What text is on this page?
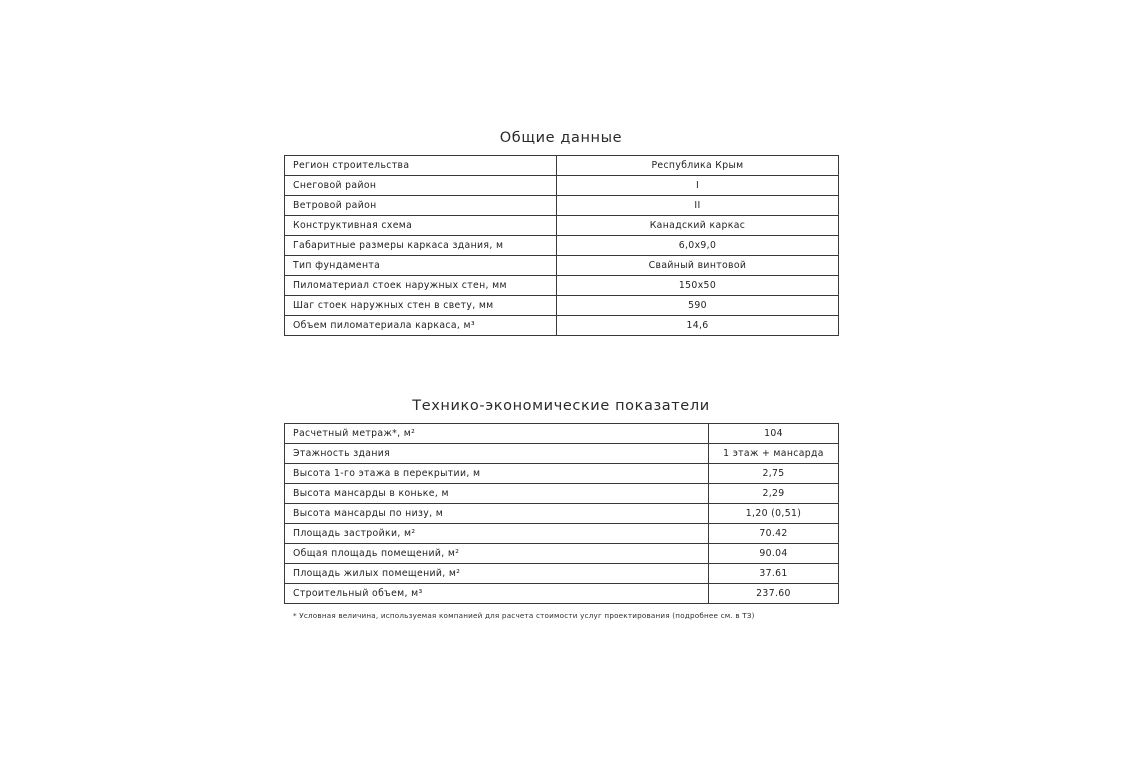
Общие данные
Регион строительства	Республика Крым
Снеговой район	I
Ветровой район	II
Конструктивная схема	Канадский каркас
Габаритные размеры каркаса здания, м	6,0х9,0
Тип фундамента	Свайный винтовой
Пиломатериал стоек наружных стен, мм	150х50
Шаг стоек наружных стен в свету, мм	590
Объем пиломатериала каркаса, м³	14,6
Технико-экономические показатели
Расчетный метраж*, м²	104
Этажность здания	1 этаж + мансарда
Высота 1-го этажа в перекрытии, м	2,75
Высота мансарды в коньке, м	2,29
Высота мансарды по низу, м	1,20 (0,51)
Площадь застройки, м²	70.42
Общая площадь помещений, м²	90.04
Площадь жилых помещений, м²	37.61
Строительный объем, м³	237.60
* Условная величина, используемая компанией для расчета стоимости услуг проектирования (подробнее см. в ТЗ)
